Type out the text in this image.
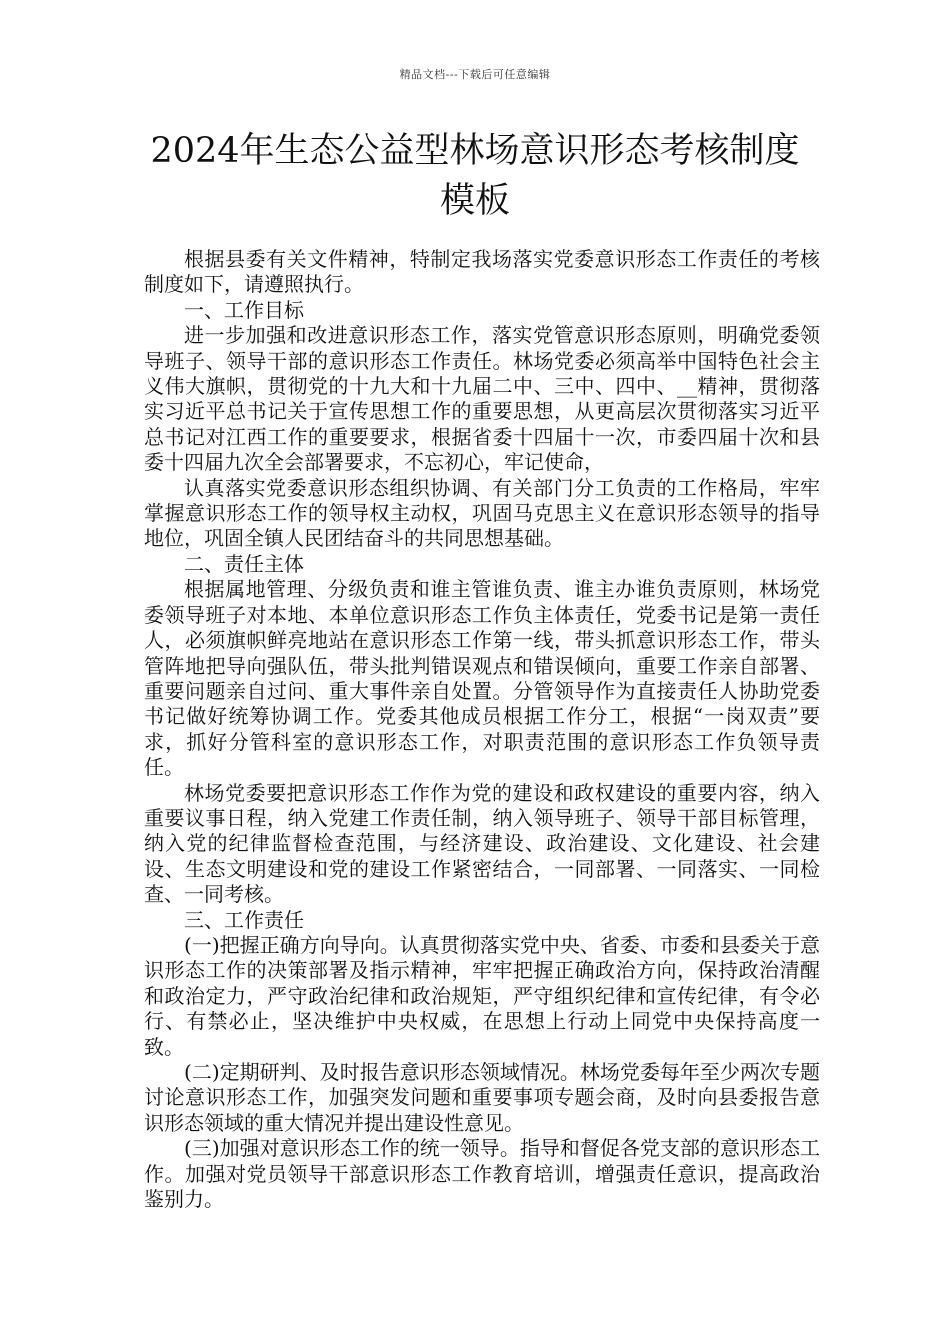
精品文档---下载后可任意编辑
2024年生态公益型林场意识形态考核制度
模板

根据县委有关文件精神，特制定我场落实党委意识形态工作责任的考核制度如下，请遵照执行。

一、工作目标

进一步加强和改进意识形态工作，落实党管意识形态原则，明确党委领导班子、领导干部的意识形态工作责任。林场党委必须高举中国特色社会主义伟大旗帜，贯彻党的十九大和十九届二中、三中、四中、__精神，贯彻落实习近平总书记关于宣传思想工作的重要思想，从更高层次贯彻落实习近平总书记对江西工作的重要要求，根据省委十四届十一次，市委四届十次和县委十四届九次全会部署要求，不忘初心，牢记使命，

认真落实党委意识形态组织协调、有关部门分工负责的工作格局，牢牢掌握意识形态工作的领导权主动权，巩固马克思主义在意识形态领导的指导地位，巩固全镇人民团结奋斗的共同思想基础。

二、责任主体

根据属地管理、分级负责和谁主管谁负责、谁主办谁负责原则，林场党委领导班子对本地、本单位意识形态工作负主体责任，党委书记是第一责任人，必须旗帜鲜亮地站在意识形态工作第一线，带头抓意识形态工作，带头管阵地把导向强队伍，带头批判错误观点和错误倾向，重要工作亲自部署、重要问题亲自过问、重大事件亲自处置。分管领导作为直接责任人协助党委书记做好统筹协调工作。党委其他成员根据工作分工，根据“一岗双责”要求，抓好分管科室的意识形态工作，对职责范围的意识形态工作负领导责任。

林场党委要把意识形态工作作为党的建设和政权建设的重要内容，纳入重要议事日程，纳入党建工作责任制，纳入领导班子、领导干部目标管理，纳入党的纪律监督检查范围，与经济建设、政治建设、文化建设、社会建设、生态文明建设和党的建设工作紧密结合，一同部署、一同落实、一同检查、一同考核。

三、工作责任

(一)把握正确方向导向。认真贯彻落实党中央、省委、市委和县委关于意识形态工作的决策部署及指示精神，牢牢把握正确政治方向，保持政治清醒和政治定力，严守政治纪律和政治规矩，严守组织纪律和宣传纪律，有令必行、有禁必止，坚决维护中央权威，在思想上行动上同党中央保持高度一致。

(二)定期研判、及时报告意识形态领域情况。林场党委每年至少两次专题讨论意识形态工作，加强突发问题和重要事项专题会商，及时向县委报告意识形态领域的重大情况并提出建设性意见。

(三)加强对意识形态工作的统一领导。指导和督促各党支部的意识形态工作。加强对党员领导干部意识形态工作教育培训，增强责任意识，提高政治鉴别力。
